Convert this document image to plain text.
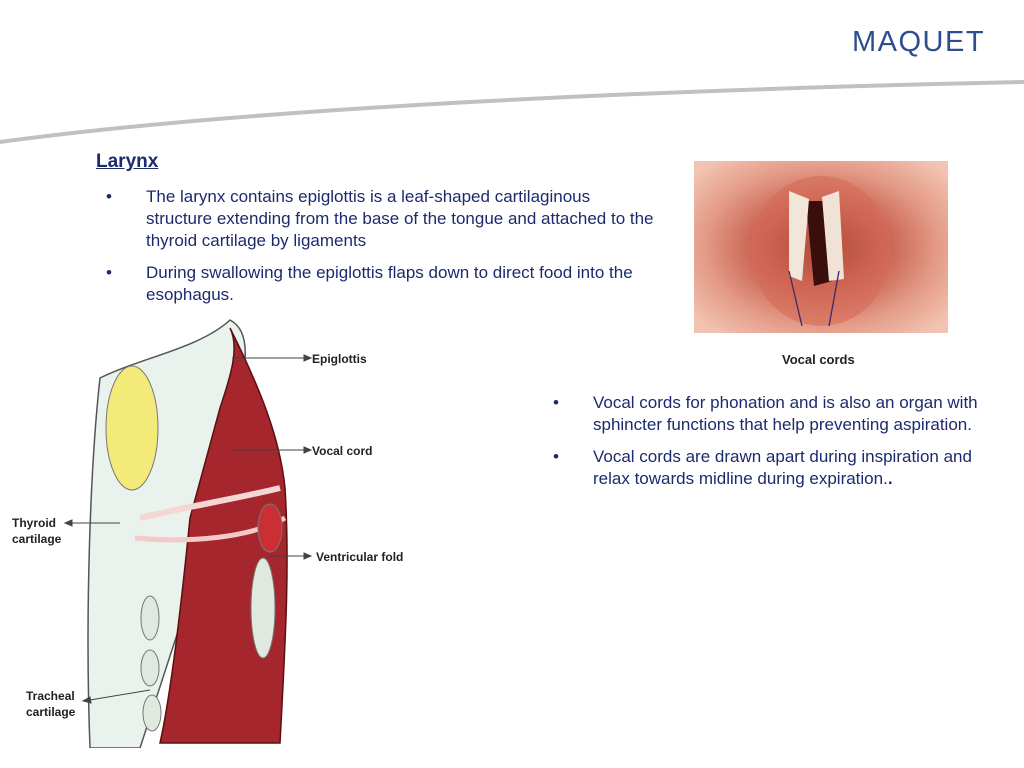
MAQUET
Larynx
• The larynx contains epiglottis is a leaf-shaped cartilaginous structure extending from the base of the tongue and attached to the thyroid cartilage by ligaments
• During swallowing the epiglottis flaps down to direct food into the esophagus.
• Vocal cords for phonation and is also an organ with sphincter functions that help preventing aspiration.
• Vocal cords are drawn apart during inspiration and relax towards midline during expiration..
Vocal cords
Epiglottis
Vocal cord
Ventricular fold
Thyroid
cartilage
Tracheal
cartilage
